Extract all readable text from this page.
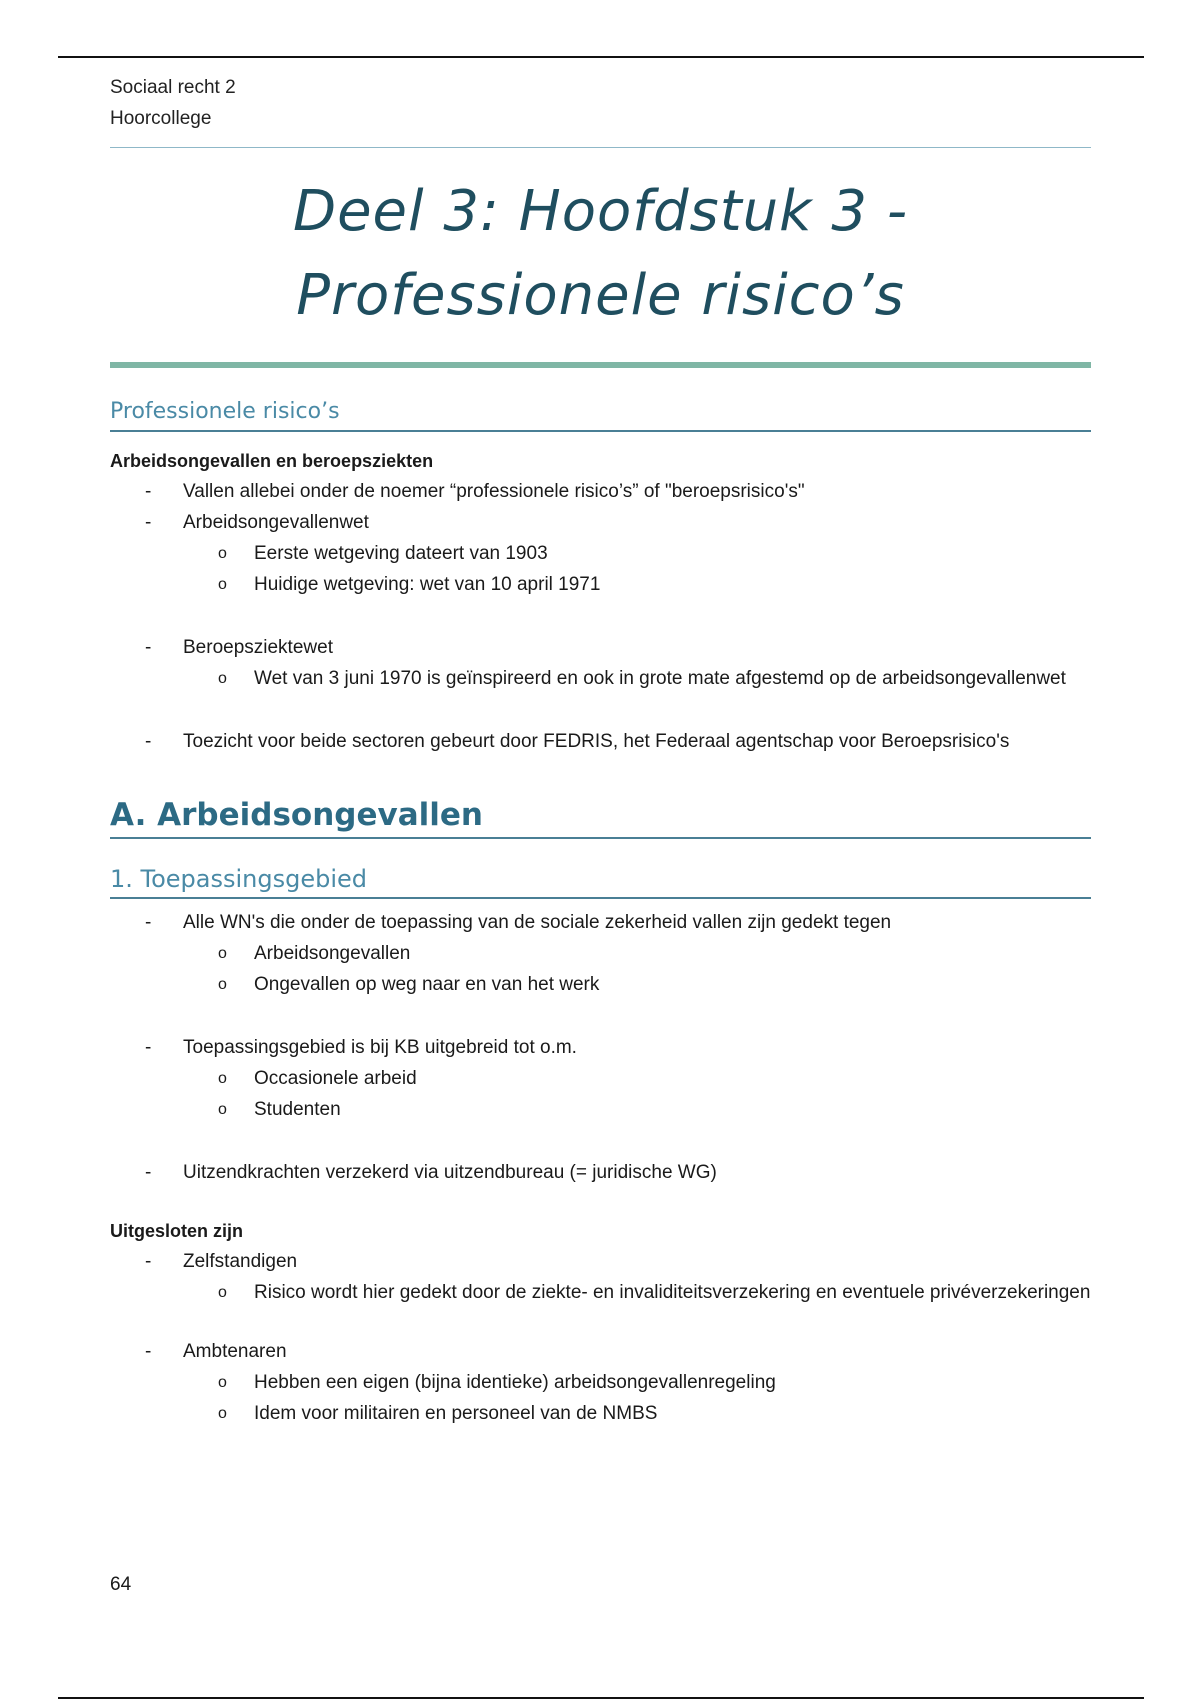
Sociaal recht 2
Hoorcollege
Deel 3: Hoofdstuk 3 -
Professionele risico’s
Professionele risico’s
Arbeidsongevallen en beroepsziekten
- Vallen allebei onder de noemer “professionele risico’s” of "beroepsrisico's"
- Arbeidsongevallenwet
o Eerste wetgeving dateert van 1903
o Huidige wetgeving: wet van 10 april 1971
- Beroepsziektewet
o Wet van 3 juni 1970 is geïnspireerd en ook in grote mate afgestemd op de arbeidsongevallenwet
- Toezicht voor beide sectoren gebeurt door FEDRIS, het Federaal agentschap voor Beroepsrisico's
A. Arbeidsongevallen
1. Toepassingsgebied
- Alle WN's die onder de toepassing van de sociale zekerheid vallen zijn gedekt tegen
o Arbeidsongevallen
o Ongevallen op weg naar en van het werk
- Toepassingsgebied is bij KB uitgebreid tot o.m.
o Occasionele arbeid
o Studenten
- Uitzendkrachten verzekerd via uitzendbureau (= juridische WG)
Uitgesloten zijn
- Zelfstandigen
o Risico wordt hier gedekt door de ziekte- en invaliditeitsverzekering en eventuele privéverzekeringen
- Ambtenaren
o Hebben een eigen (bijna identieke) arbeidsongevallenregeling
o Idem voor militairen en personeel van de NMBS
64
